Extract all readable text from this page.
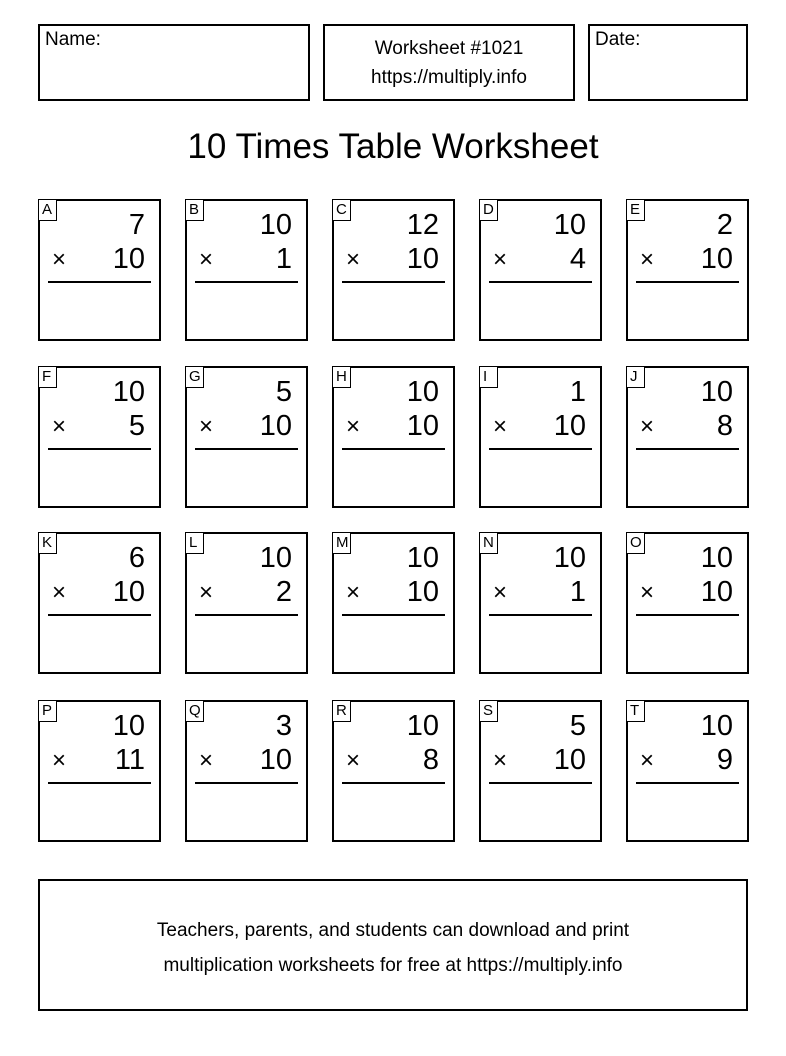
Name:	Worksheet #1021
https://multiply.info
Date:
10 Times Table Worksheet
A	7
× 10
B 10
× 1
C 12
× 10
D 10
× 4
E	2
× 10
F 10
× 5
G	5
× 10
H 10
× 10
I	1
× 10
J 10
× 8
K	6
× 10
L 10
× 2
M 10
× 10
N 10
× 1
O 10
× 10
P 10
× 11
Q	3
× 10
R 10
× 8
S	5
× 10
T 10
× 9
Teachers, parents, and students can download and print
multiplication worksheets for free at https://multiply.info
